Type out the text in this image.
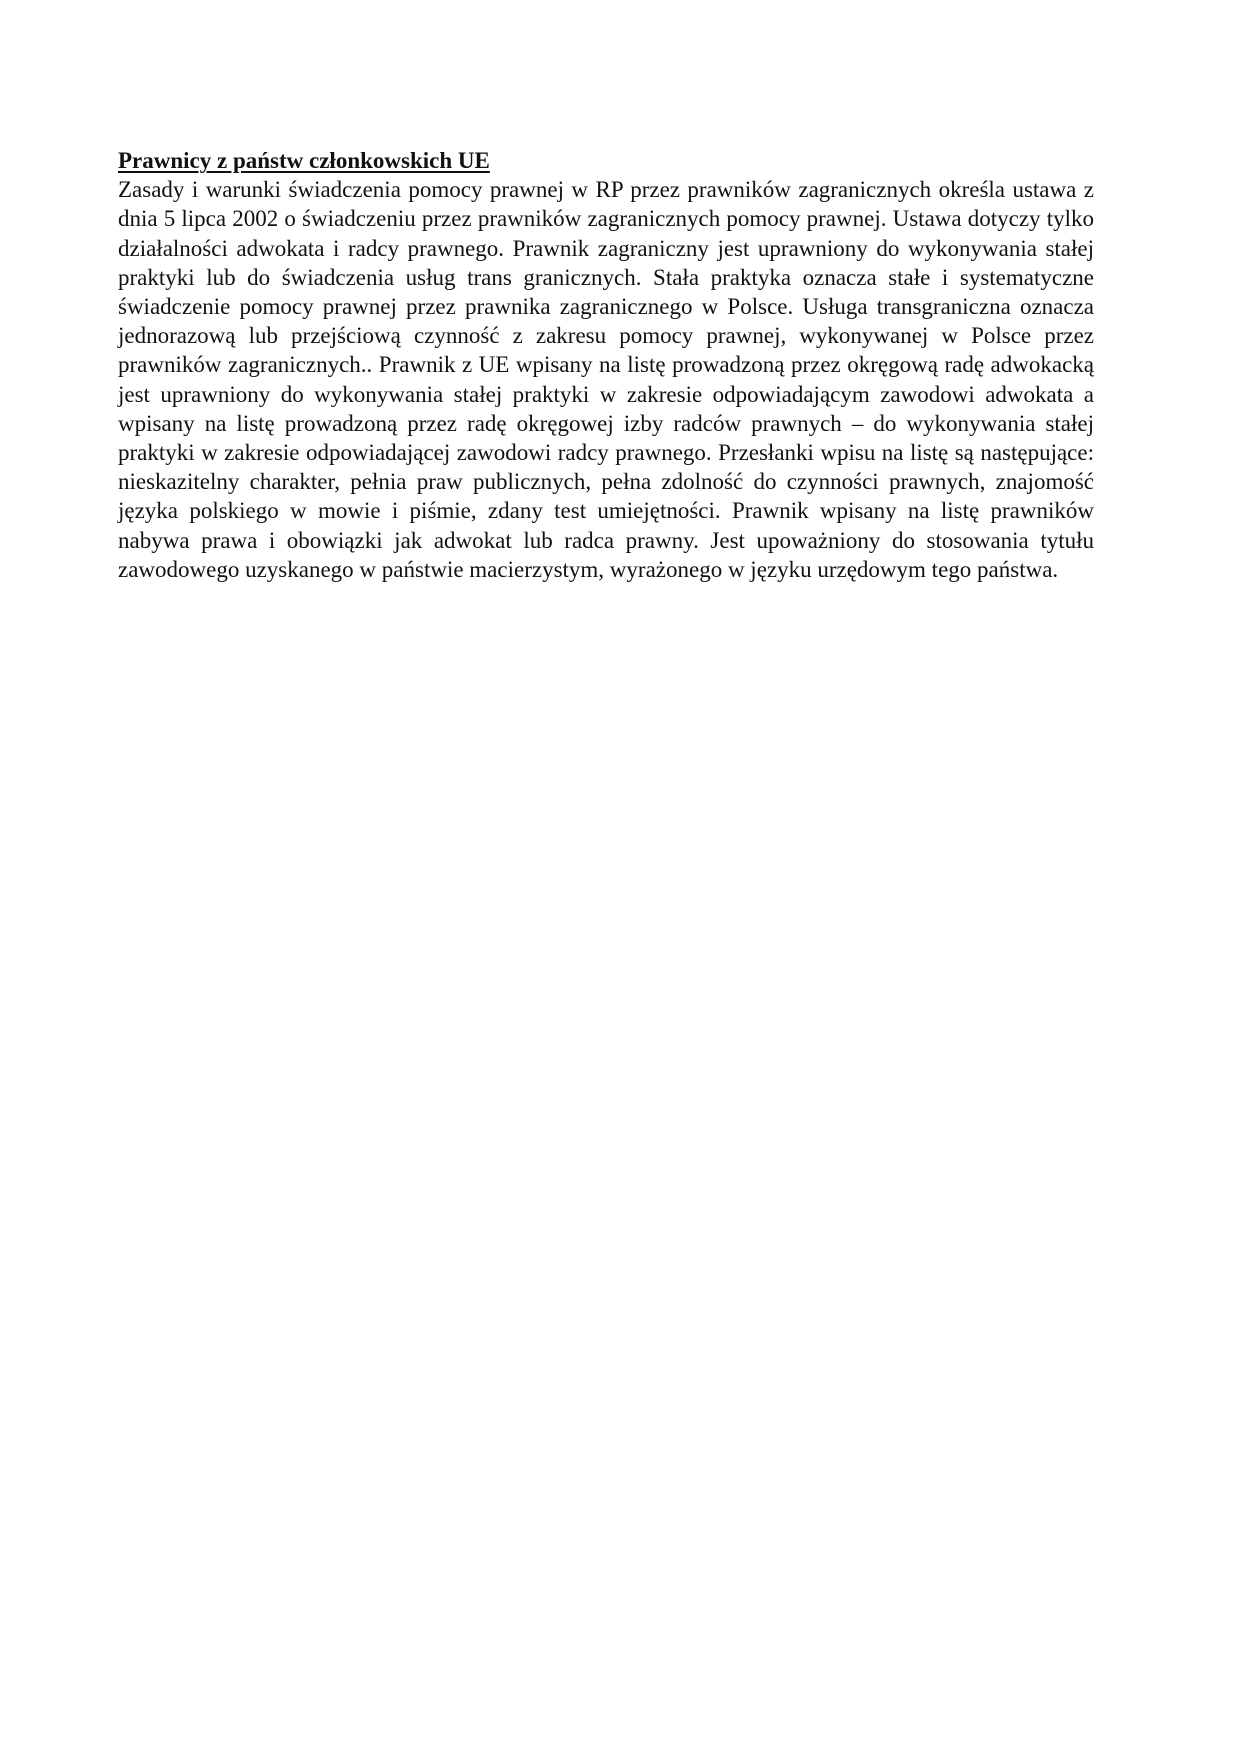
Prawnicy z państw członkowskich UE

Zasady i warunki świadczenia pomocy prawnej w RP przez prawników zagranicznych określa ustawa z dnia 5 lipca 2002 o świadczeniu przez prawników zagranicznych pomocy prawnej. Ustawa dotyczy tylko działalności adwokata i radcy prawnego. Prawnik zagraniczny jest uprawniony do wykonywania stałej praktyki lub do świadczenia usług trans granicznych. Stała praktyka oznacza stałe i systematyczne świadczenie pomocy prawnej przez prawnika zagranicznego w Polsce. Usługa transgraniczna oznacza jednorazową lub przejściową czynność z zakresu pomocy prawnej, wykonywanej w Polsce przez prawników zagranicznych.. Prawnik z UE wpisany na listę prowadzoną przez okręgową radę adwokacką jest uprawniony do wykonywania stałej praktyki w zakresie odpowiadającym zawodowi adwokata a wpisany na listę prowadzoną przez radę okręgowej izby radców prawnych – do wykonywania stałej praktyki w zakresie odpowiadającej zawodowi radcy prawnego. Przesłanki wpisu na listę są następujące: nieskazitelny charakter, pełnia praw publicznych, pełna zdolność do czynności prawnych, znajomość języka polskiego w mowie i piśmie, zdany test umiejętności. Prawnik wpisany na listę prawników nabywa prawa i obowiązki jak adwokat lub radca prawny. Jest upoważniony do stosowania tytułu zawodowego uzyskanego w państwie macierzystym, wyrażonego w języku urzędowym tego państwa.
